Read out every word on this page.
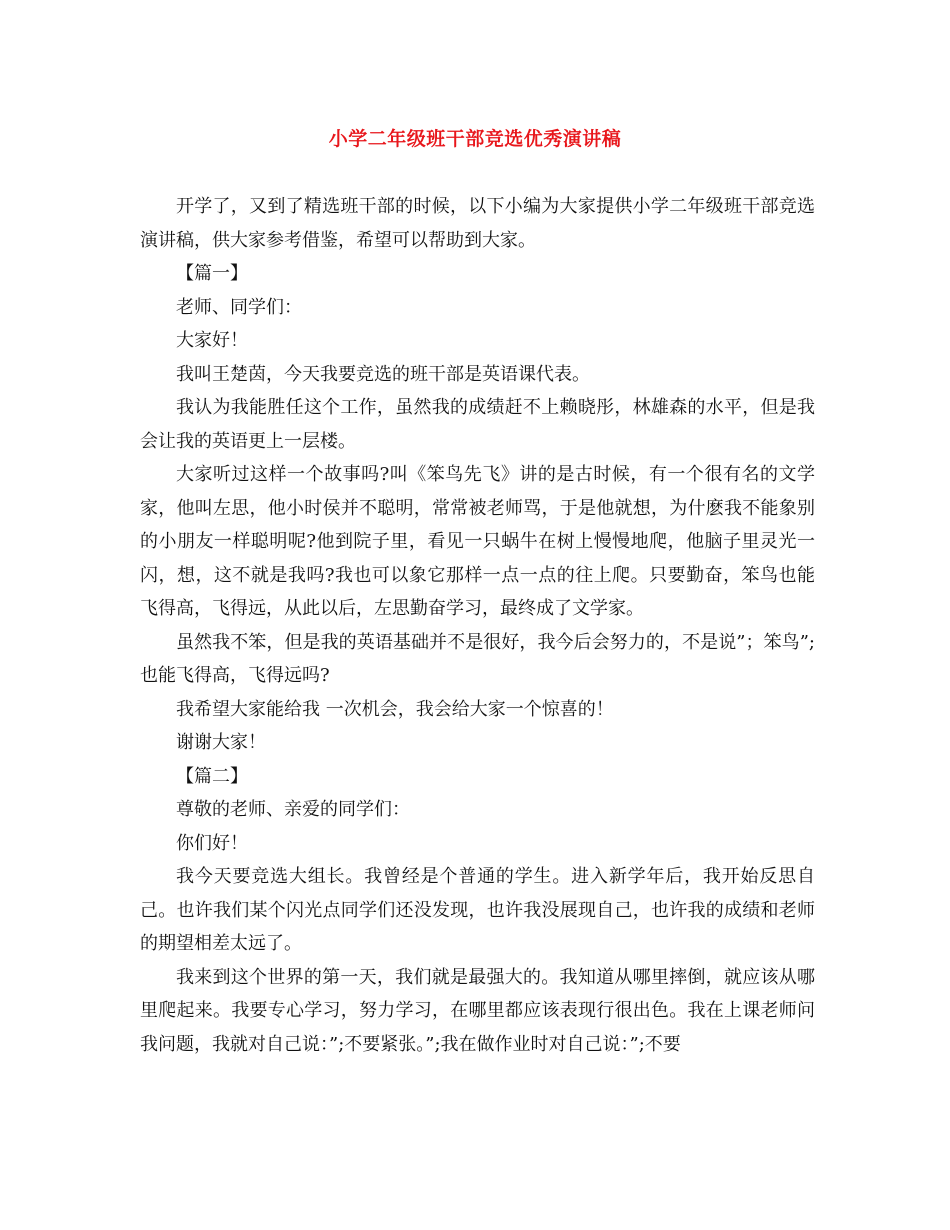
小学二年级班干部竞选优秀演讲稿

开学了，又到了精选班干部的时候，以下小编为大家提供小学二年级班干部竞选演讲稿，供大家参考借鉴，希望可以帮助到大家。

【篇一】

老师、同学们：

大家好！

我叫王楚茵，今天我要竞选的班干部是英语课代表。

我认为我能胜任这个工作，虽然我的成绩赶不上赖晓彤，林雄森的水平，但是我会让我的英语更上一层楼。

大家听过这样一个故事吗?叫《笨鸟先飞》讲的是古时候，有一个很有名的文学家，他叫左思，他小时侯并不聪明，常常被老师骂，于是他就想，为什麽我不能象别的小朋友一样聪明呢?他到院子里，看见一只蜗牛在树上慢慢地爬，他脑子里灵光一闪，想，这不就是我吗?我也可以象它那样一点一点的往上爬。只要勤奋，笨鸟也能飞得高，飞得远，从此以后，左思勤奋学习，最终成了文学家。

虽然我不笨，但是我的英语基础并不是很好，我今后会努力的，不是说”；笨鸟”;也能飞得高，飞得远吗?

我希望大家能给我 一次机会，我会给大家一个惊喜的！

谢谢大家！

【篇二】

尊敬的老师、亲爱的同学们：

你们好！

我今天要竞选大组长。我曾经是个普通的学生。进入新学年后，我开始反思自己。也许我们某个闪光点同学们还没发现，也许我没展现自己，也许我的成绩和老师的期望相差太远了。

我来到这个世界的第一天，我们就是最强大的。我知道从哪里摔倒，就应该从哪里爬起来。我要专心学习，努力学习，在哪里都应该表现行很出色。我在上课老师问我问题，我就对自己说：”;不要紧张。”;我在做作业时对自己说：”;不要
